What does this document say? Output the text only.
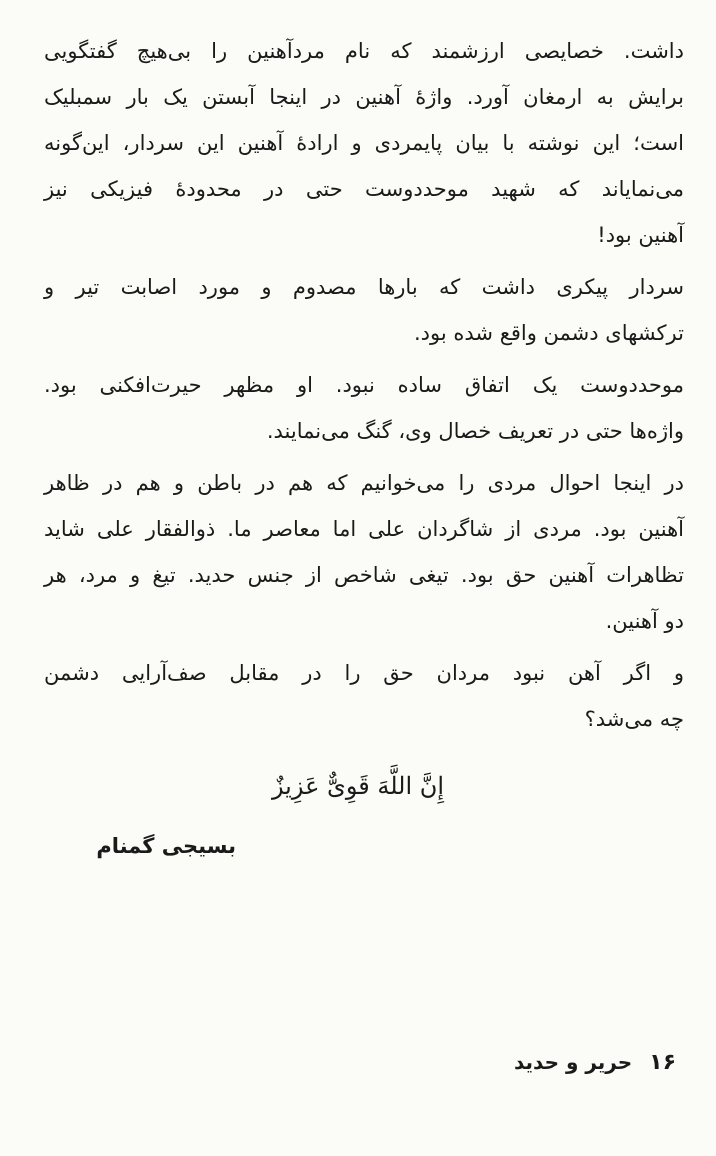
داشت. خصایصی ارزشمند که نام مردآهنین را بی‌هیچ گفتگویی
برایش به ارمغان آورد. واژهٔ آهنین در اینجا آبستن یک بار سمبلیک
است؛ این نوشته با بیان پایمردی و ارادهٔ آهنین این سردار، این‌گونه
می‌نمایاند که شهید موحددوست حتی در محدودهٔ فیزیکی نیز
آهنین بود!

سردار پیکری داشت که بارها مصدوم و مورد اصابت تیر و
ترکشهای دشمن واقع شده بود.

موحددوست یک اتفاق ساده نبود. او مظهر حیرت‌افکنی بود.
واژه‌ها حتی در تعریف خصال وی، گنگ می‌نمایند.

در اینجا احوال مردی را می‌خوانیم که هم در باطن و هم در ظاهر
آهنین بود. مردی از شاگردان علی اما معاصر ما. ذوالفقار علی شاید
تظاهرات آهنین حق بود. تیغی شاخص از جنس حدید. تیغ و مرد، هر
دو آهنین.

و اگر آهن نبود مردان حق را در مقابل صف‌آرایی دشمن
چه می‌شد؟

إِنَّ اللَّهَ قَوِیٌّ عَزِیزٌ
بسیجی گمنام
۱۶ حریر و حدید
